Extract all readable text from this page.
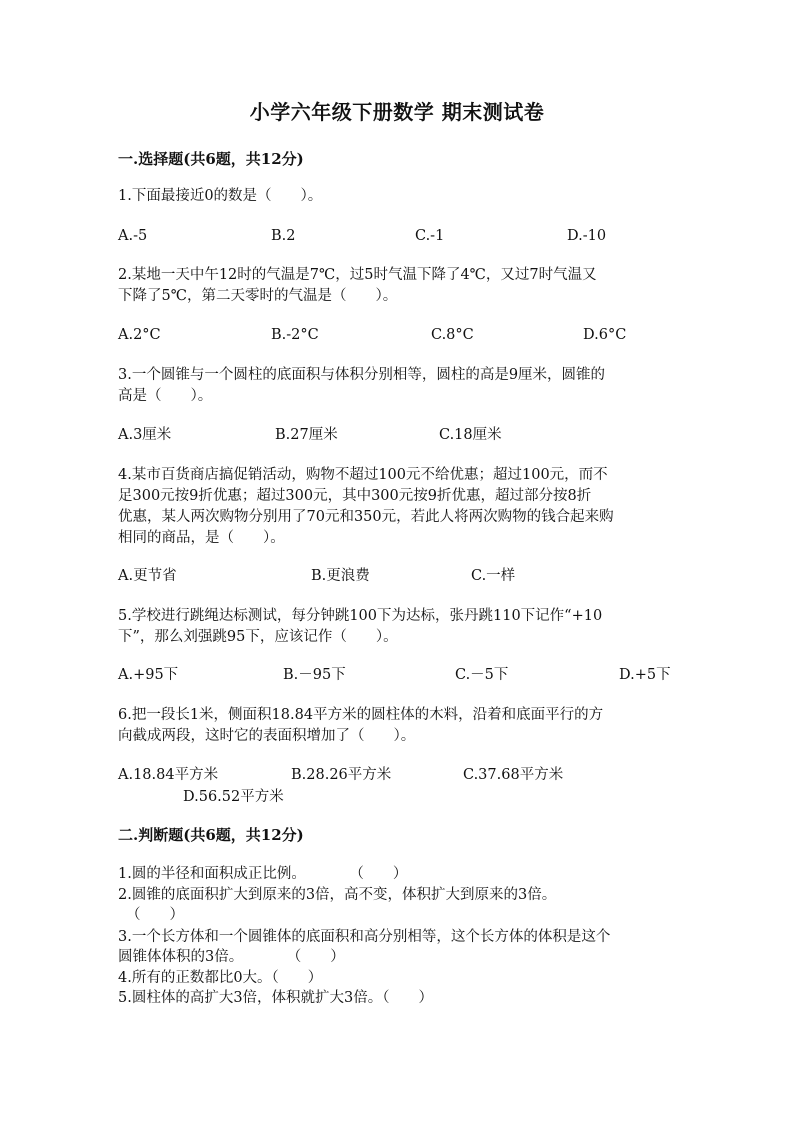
小学六年级下册数学 期末测试卷
一.选择题(共6题，共12分)
1.下面最接近0的数是（　　）。
A.-5	B.2	C.-1	D.-10
2.某地一天中午12时的气温是7℃，过5时气温下降了4℃，又过7时气温又
下降了5℃，第二天零时的气温是（　　）。
A.2°C	B.-2°C	C.8°C	D.6°C
3.一个圆锥与一个圆柱的底面积与体积分别相等，圆柱的高是9厘米，圆锥的
高是（　　）。
A.3厘米	B.27厘米	C.18厘米
4.某市百货商店搞促销活动，购物不超过100元不给优惠；超过100元，而不
足300元按9折优惠；超过300元，其中300元按9折优惠，超过部分按8折
优惠，某人两次购物分别用了70元和350元，若此人将两次购物的钱合起来购
相同的商品，是（　　）。
A.更节省	B.更浪费	C.一样
5.学校进行跳绳达标测试，每分钟跳100下为达标，张丹跳110下记作“+10
下”，那么刘强跳95下，应该记作（　　）。
A.+95下	B.－95下	C.－5下	D.+5下
6.把一段长1米，侧面积18.84平方米的圆柱体的木料，沿着和底面平行的方
向截成两段，这时它的表面积增加了（　　）。
A.18.84平方米	B.28.26平方米	C.37.68平方米
D.56.52平方米
二.判断题(共6题，共12分)
1.圆的半径和面积成正比例。　　　　（　　）
2.圆锥的底面积扩大到原来的3倍，高不变，体积扩大到原来的3倍。
（　　）
3.一个长方体和一个圆锥体的底面积和高分别相等，这个长方体的体积是这个
圆锥体体积的3倍。　　　　（　　）
4.所有的正数都比0大。（　　）
5.圆柱体的高扩大3倍，体积就扩大3倍。（　　）
